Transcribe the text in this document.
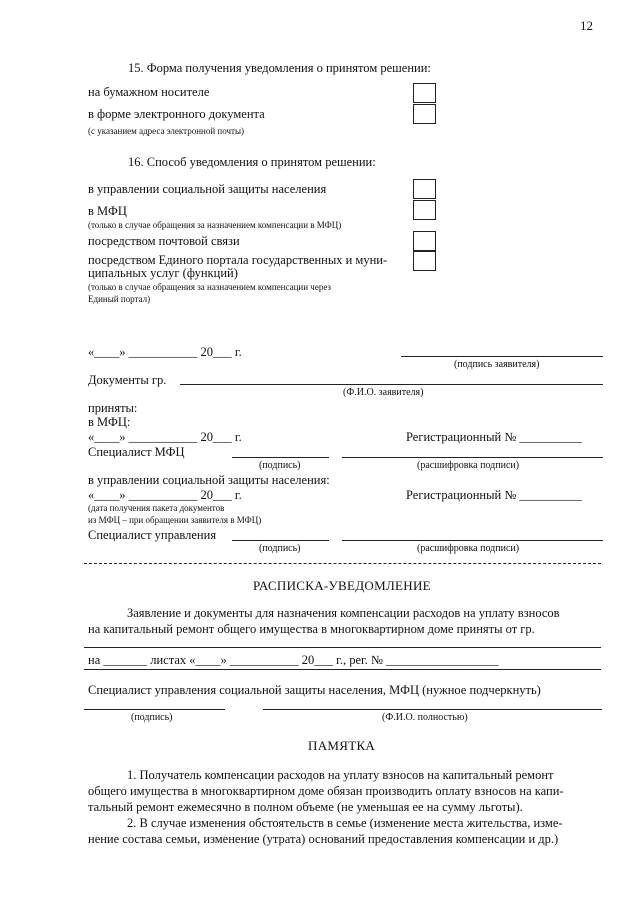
12
15. Форма получения уведомления о принятом решении:
на бумажном носителе
в форме электронного документа
(с указанием адреса электронной почты)
16. Способ уведомления о принятом решении:
в управлении социальной защиты населения
в МФЦ
(только в случае обращения за назначением компенсации в МФЦ)
посредством почтовой связи
посредством Единого портала государственных и муни-
ципальных услуг (функций)
(только в случае обращения за назначением компенсации через
Единый портал)
«____» ___________ 20___ г.
(подпись заявителя)
Документы гр.
(Ф.И.О. заявителя)
приняты:
в МФЦ:
«____» ___________ 20___ г.	Регистрационный № __________
Специалист МФЦ
(подпись)	(расшифровка подписи)
в управлении социальной защиты населения:
«____» ___________ 20___ г.	Регистрационный № __________
(дата получения пакета документов
из МФЦ – при обращении заявителя в МФЦ)
Специалист управления
(подпись)	(расшифровка подписи)
РАСПИСКА-УВЕДОМЛЕНИЕ
Заявление и документы для назначения компенсации расходов на уплату взносов
на капитальный ремонт общего имущества в многоквартирном доме приняты от гр.
на _______ листах «____» ___________ 20___ г., рег. № __________________
Специалист управления социальной защиты населения, МФЦ (нужное подчеркнуть)
(подпись)	(Ф.И.О. полностью)
ПАМЯТКА
1. Получатель компенсации расходов на уплату взносов на капитальный ремонт
общего имущества в многоквартирном доме обязан производить оплату взносов на капи-
тальный ремонт ежемесячно в полном объеме (не уменьшая ее на сумму льготы).
2. В случае изменения обстоятельств в семье (изменение места жительства, изме-
нение состава семьи, изменение (утрата) оснований предоставления компенсации и др.)
